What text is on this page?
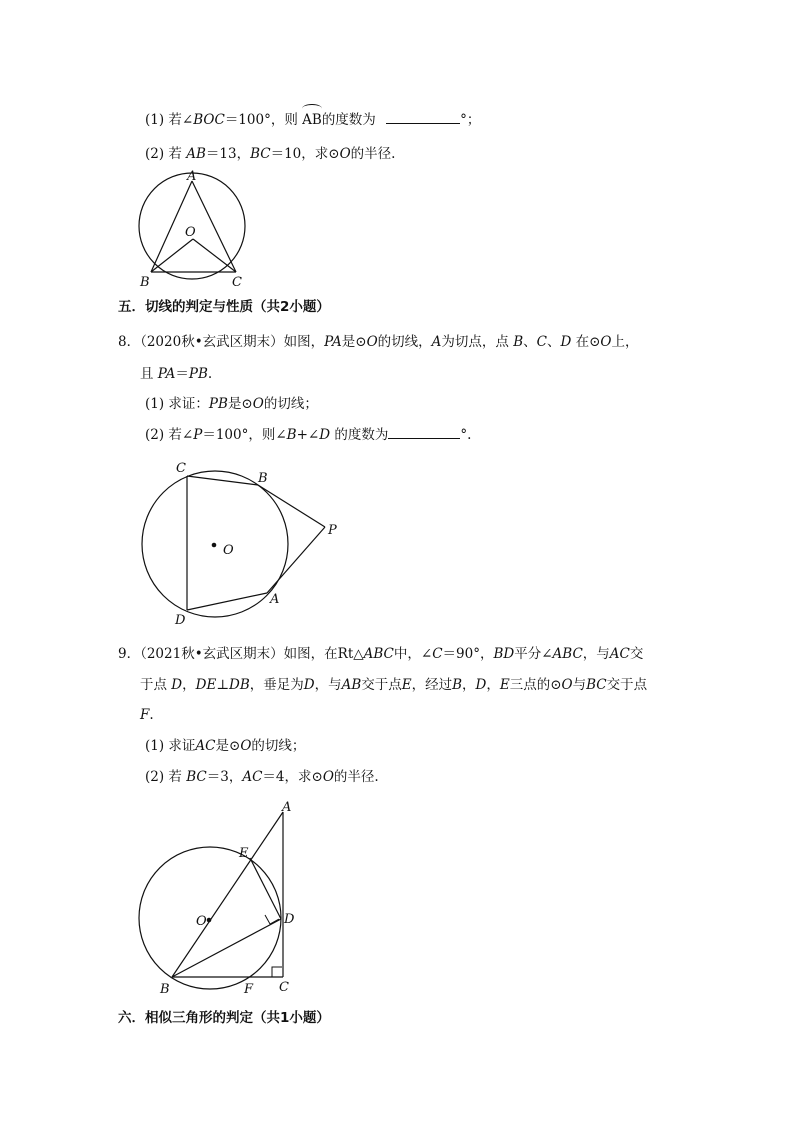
(1) 若∠BOC＝100°，则 AB的度数为	°；
(2) 若 AB＝13，BC＝10，求⊙O的半径.
A
O
B	C
五．切线的判定与性质（共2小题）
8．（2020秋•玄武区期末）如图，PA是⊙O的切线，A为切点，点 B、C、D 在⊙O上，
且 PA＝PB.
(1) 求证：PB是⊙O的切线；
(2) 若∠P＝100°，则∠B+∠D 的度数为	°.
C
B
O
P
D
A
9．（2021秋•玄武区期末）如图，在Rt△ABC中，∠C＝90°，BD平分∠ABC，与AC交
于点 D，DE⊥DB，垂足为D，与AB交于点E，经过B，D，E三点的⊙O与BC交于点
F.
(1) 求证AC是⊙O的切线；
(2) 若 BC＝3，AC＝4，求⊙O的半径.
A
E
O	D
B	F C
六．相似三角形的判定（共1小题）
